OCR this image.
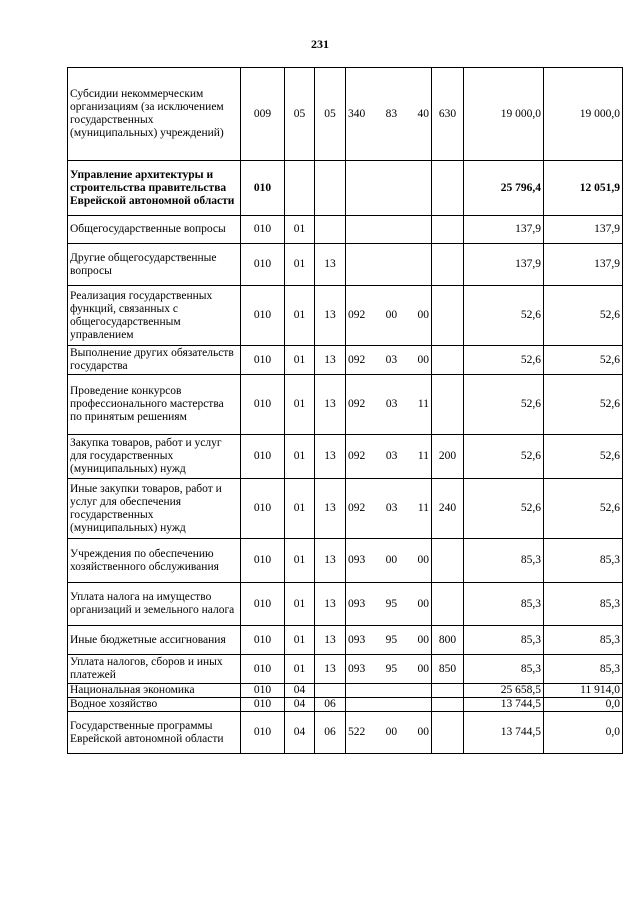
231
Субсидии некоммерческим организациям (за исключением государственных (муниципальных) учреждений)	009	05	05	340 83 40	630	19 000,0	19 000,0
Управление архитектуры и строительства правительства Еврейской автономной области	010					25 796,4	12 051,9
Общегосударственные вопросы	010	01				137,9	137,9
Другие общегосударственные вопросы	010	01	13			137,9	137,9
Реализация государственных функций, связанных с общегосударственным управлением	010	01	13	092 00 00		52,6	52,6
Выполнение других обязательств государства	010	01	13	092 03 00		52,6	52,6
Проведение конкурсов профессионального мастерства по принятым решениям	010	01	13	092 03 11		52,6	52,6
Закупка товаров, работ и услуг для государственных (муниципальных) нужд	010	01	13	092 03 11	200	52,6	52,6
Иные закупки товаров, работ и услуг для обеспечения государственных (муниципальных) нужд	010	01	13	092 03 11	240	52,6	52,6
Учреждения по обеспечению хозяйственного обслуживания	010	01	13	093 00 00		85,3	85,3
Уплата налога на имущество организаций и земельного налога	010	01	13	093 95 00		85,3	85,3
Иные бюджетные ассигнования	010	01	13	093 95 00	800	85,3	85,3
Уплата налогов, сборов и иных платежей	010	01	13	093 95 00	850	85,3	85,3
Национальная экономика	010	04				25 658,5	11 914,0
Водное хозяйство	010	04	06			13 744,5	0,0
Государственные программы Еврейской автономной области	010	04	06	522 00 00		13 744,5	0,0
